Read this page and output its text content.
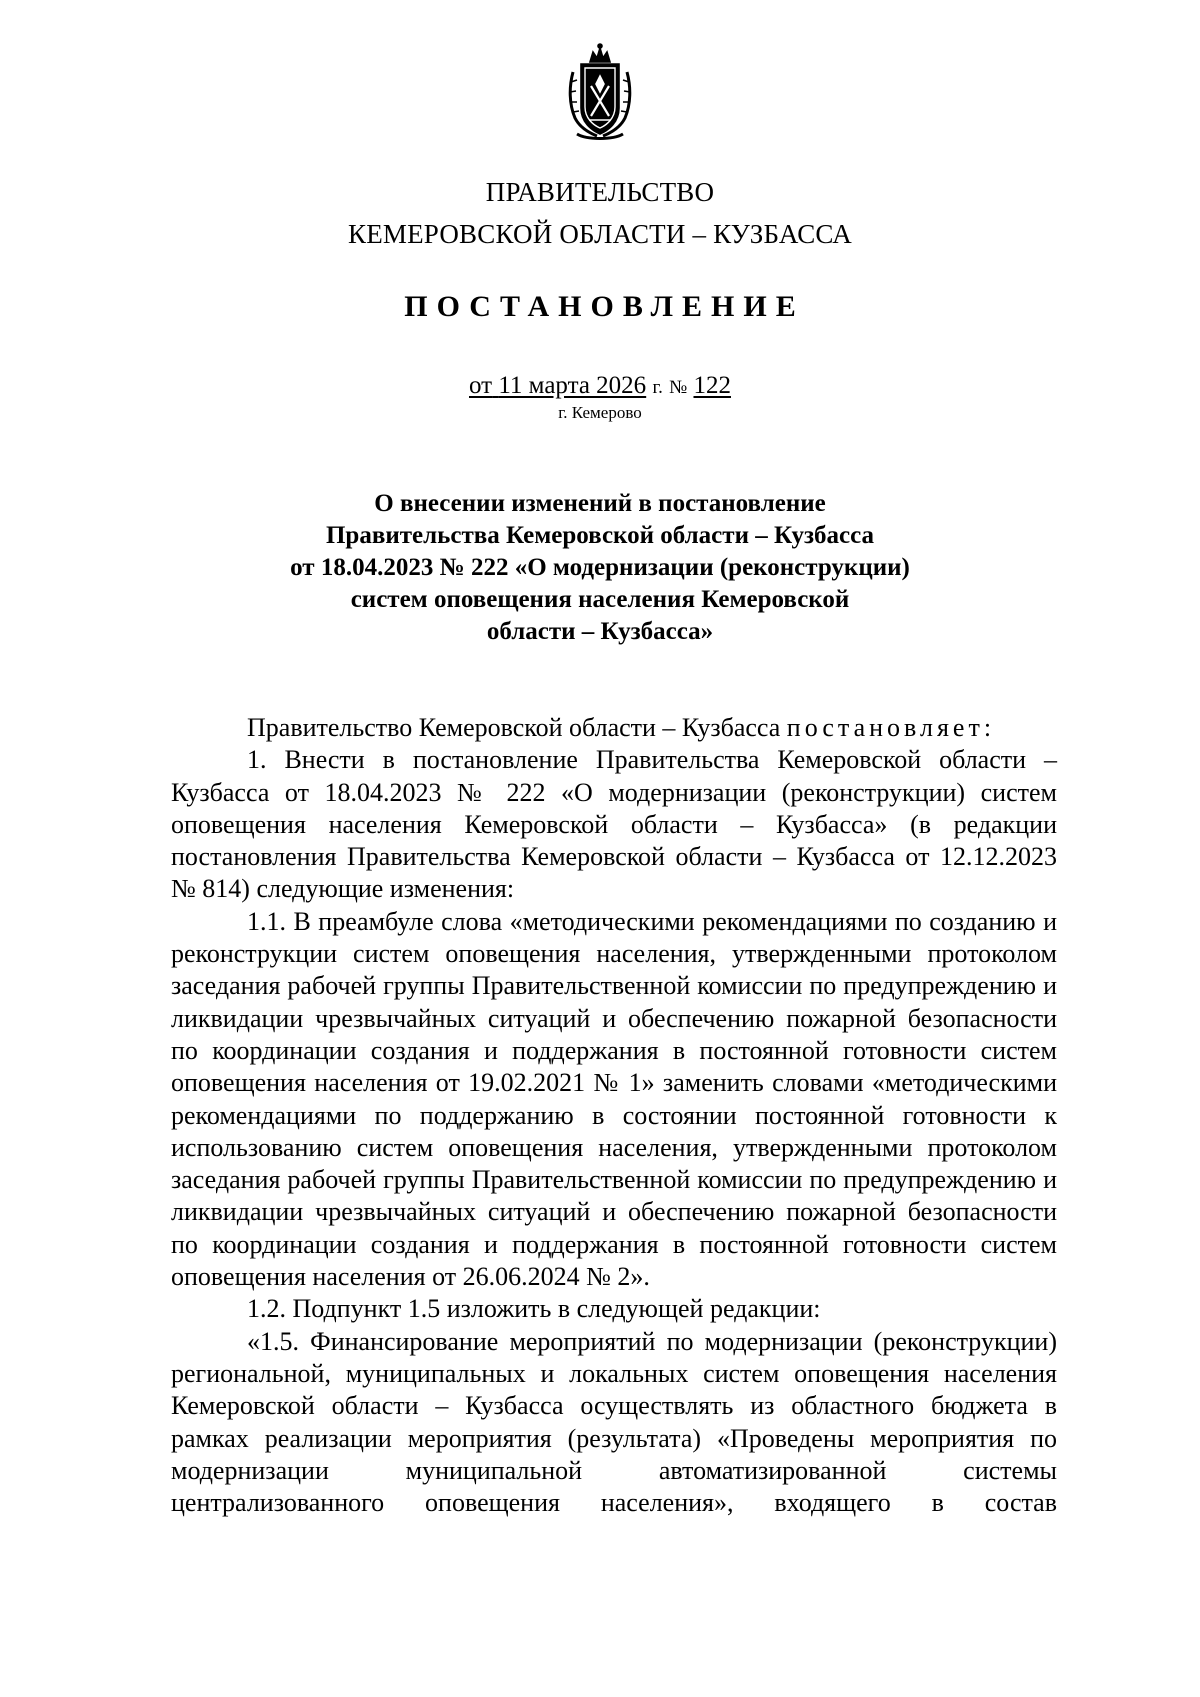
ПРАВИТЕЛЬСТВО
КЕМЕРОВСКОЙ ОБЛАСТИ – КУЗБАССА
ПОСТАНОВЛЕНИЕ
от 11 марта 2026 г. № 122
г. Кемерово
О внесении изменений в постановление
Правительства Кемеровской области – Кузбасса
от 18.04.2023 № 222 «О модернизации (реконструкции)
систем оповещения населения Кемеровской
области – Кузбасса»

Правительство Кемеровской области – Кузбасса постановляет:

1. Внести в постановление Правительства Кемеровской области – Кузбасса от 18.04.2023 № 222 «О модернизации (реконструкции) систем оповещения населения Кемеровской области – Кузбасса» (в редакции постановления Правительства Кемеровской области – Кузбасса от 12.12.2023 № 814) следующие изменения:

1.1. В преамбуле слова «методическими рекомендациями по созданию и реконструкции систем оповещения населения, утвержденными протоколом заседания рабочей группы Правительственной комиссии по предупреждению и ликвидации чрезвычайных ситуаций и обеспечению пожарной безопасности по координации создания и поддержания в постоянной готовности систем оповещения населения от 19.02.2021 № 1» заменить словами «методическими рекомендациями по поддержанию в состоянии постоянной готовности к использованию систем оповещения населения, утвержденными протоколом заседания рабочей группы Правительственной комиссии по предупреждению и ликвидации чрезвычайных ситуаций и обеспечению пожарной безопасности по координации создания и поддержания в постоянной готовности систем оповещения населения от 26.06.2024 № 2».

1.2. Подпункт 1.5 изложить в следующей редакции:

«1.5. Финансирование мероприятий по модернизации (реконструкции) региональной, муниципальных и локальных систем оповещения населения Кемеровской области – Кузбасса осуществлять из областного бюджета в рамках реализации мероприятия (результата) «Проведены мероприятия по модернизации муниципальной автоматизированной системы централизованного оповещения населения», входящего в состав
